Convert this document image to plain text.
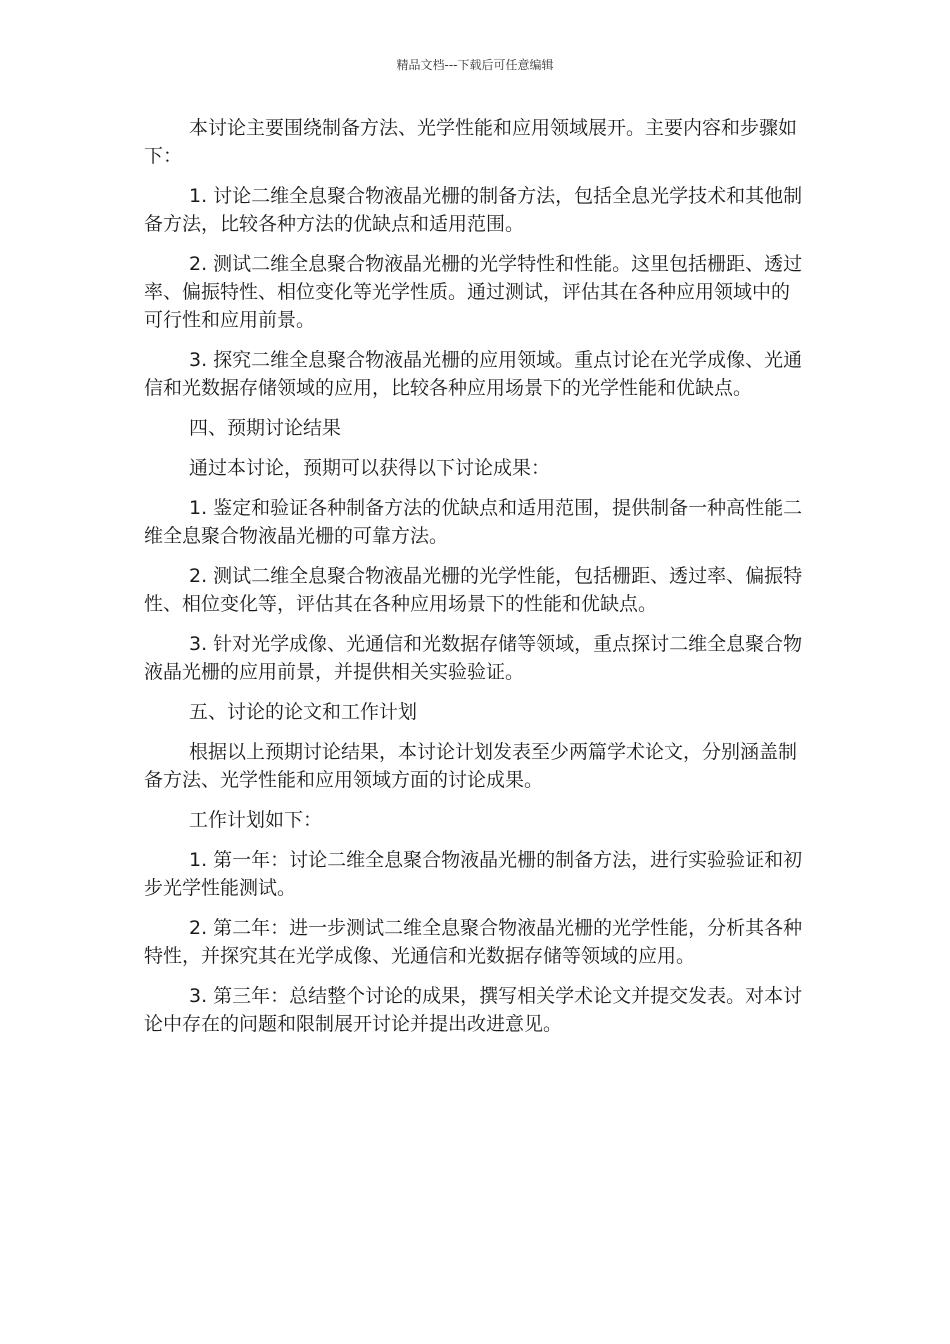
精品文档---下载后可任意编辑

本讨论主要围绕制备方法、光学性能和应用领域展开。主要内容和步骤如下：

1. 讨论二维全息聚合物液晶光栅的制备方法，包括全息光学技术和其他制备方法，比较各种方法的优缺点和适用范围。

2. 测试二维全息聚合物液晶光栅的光学特性和性能。这里包括栅距、透过率、偏振特性、相位变化等光学性质。通过测试，评估其在各种应用领域中的可行性和应用前景。

3. 探究二维全息聚合物液晶光栅的应用领域。重点讨论在光学成像、光通信和光数据存储领域的应用，比较各种应用场景下的光学性能和优缺点。

四、预期讨论结果

通过本讨论，预期可以获得以下讨论成果：

1. 鉴定和验证各种制备方法的优缺点和适用范围，提供制备一种高性能二维全息聚合物液晶光栅的可靠方法。

2. 测试二维全息聚合物液晶光栅的光学性能，包括栅距、透过率、偏振特性、相位变化等，评估其在各种应用场景下的性能和优缺点。

3. 针对光学成像、光通信和光数据存储等领域，重点探讨二维全息聚合物液晶光栅的应用前景，并提供相关实验验证。

五、讨论的论文和工作计划

根据以上预期讨论结果，本讨论计划发表至少两篇学术论文，分别涵盖制备方法、光学性能和应用领域方面的讨论成果。

工作计划如下：

1. 第一年：讨论二维全息聚合物液晶光栅的制备方法，进行实验验证和初步光学性能测试。

2. 第二年：进一步测试二维全息聚合物液晶光栅的光学性能，分析其各种特性，并探究其在光学成像、光通信和光数据存储等领域的应用。

3. 第三年：总结整个讨论的成果，撰写相关学术论文并提交发表。对本讨论中存在的问题和限制展开讨论并提出改进意见。
